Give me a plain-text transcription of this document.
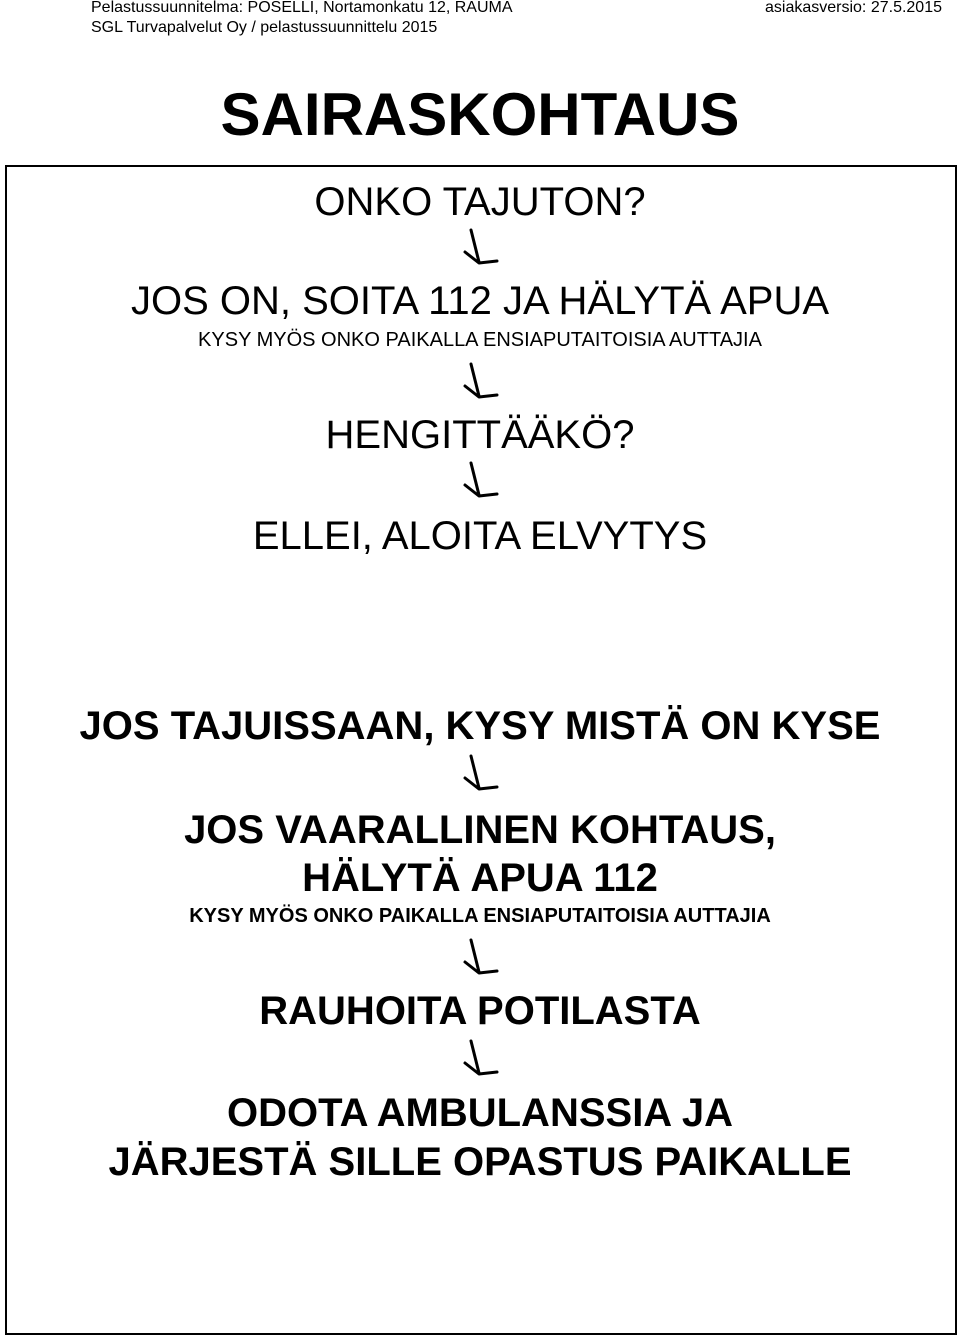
Pelastussuunnitelma: POSELLI, Nortamonkatu 12, RAUMA
SGL Turvapalvelut Oy / pelastussuunnittelu 2015
asiakasversio: 27.5.2015
SAIRASKOHTAUS
ONKO TAJUTON?
JOS ON, SOITA 112 JA HÄLYTÄ APUA
KYSY MYÖS ONKO PAIKALLA ENSIAPUTAITOISIA AUTTAJIA
HENGITTÄÄKÖ?
ELLEI, ALOITA ELVYTYS
JOS TAJUISSAAN, KYSY MISTÄ ON KYSE
JOS VAARALLINEN KOHTAUS,
HÄLYTÄ APUA 112
KYSY MYÖS ONKO PAIKALLA ENSIAPUTAITOISIA AUTTAJIA
RAUHOITA POTILASTA
ODOTA AMBULANSSIA JA
JÄRJESTÄ SILLE OPASTUS PAIKALLE
